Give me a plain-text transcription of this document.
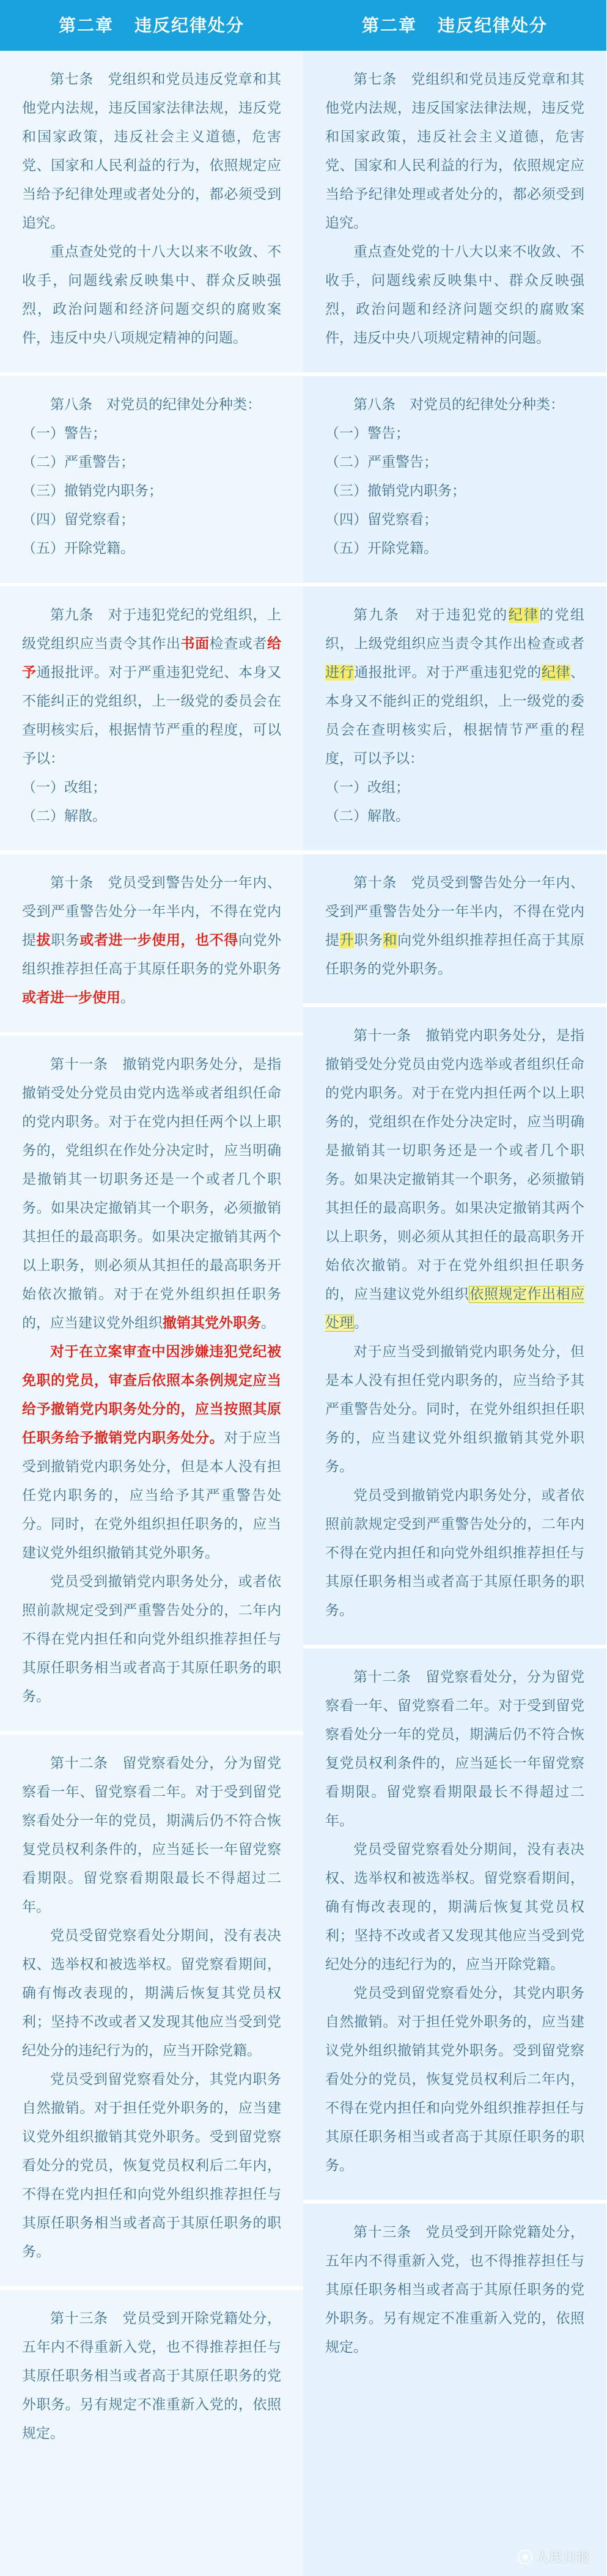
第二章 违反纪律处分

第七条　党组织和党员违反党章和其他党内法规，违反国家法律法规，违反党和国家政策，违反社会主义道德，危害党、国家和人民利益的行为，依照规定应当给予纪律处理或者处分的，都必须受到追究。

重点查处党的十八大以来不收敛、不收手，问题线索反映集中、群众反映强烈，政治问题和经济问题交织的腐败案件，违反中央八项规定精神的问题。

第八条　对党员的纪律处分种类：

（一）警告；

（二）严重警告；

（三）撤销党内职务；

（四）留党察看；

（五）开除党籍。

第九条　对于违犯党纪的党组织，上级党组织应当责令其作出书面检查或者给予通报批评。对于严重违犯党纪、本身又不能纠正的党组织，上一级党的委员会在查明核实后，根据情节严重的程度，可以予以：

（一）改组；

（二）解散。

第十条　党员受到警告处分一年内、受到严重警告处分一年半内，不得在党内提拔职务或者进一步使用，也不得向党外组织推荐担任高于其原任职务的党外职务或者进一步使用。

第十一条　撤销党内职务处分，是指撤销受处分党员由党内选举或者组织任命的党内职务。对于在党内担任两个以上职务的，党组织在作处分决定时，应当明确是撤销其一切职务还是一个或者几个职务。如果决定撤销其一个职务，必须撤销其担任的最高职务。如果决定撤销其两个以上职务，则必须从其担任的最高职务开始依次撤销。对于在党外组织担任职务的，应当建议党外组织撤销其党外职务。

对于在立案审查中因涉嫌违犯党纪被免职的党员，审查后依照本条例规定应当给予撤销党内职务处分的，应当按照其原任职务给予撤销党内职务处分。对于应当受到撤销党内职务处分，但是本人没有担任党内职务的，应当给予其严重警告处分。同时，在党外组织担任职务的，应当建议党外组织撤销其党外职务。

党员受到撤销党内职务处分，或者依照前款规定受到严重警告处分的，二年内不得在党内担任和向党外组织推荐担任与其原任职务相当或者高于其原任职务的职务。

第十二条　留党察看处分，分为留党察看一年、留党察看二年。对于受到留党察看处分一年的党员，期满后仍不符合恢复党员权利条件的，应当延长一年留党察看期限。留党察看期限最长不得超过二年。

党员受留党察看处分期间，没有表决权、选举权和被选举权。留党察看期间，确有悔改表现的，期满后恢复其党员权利；坚持不改或者又发现其他应当受到党纪处分的违纪行为的，应当开除党籍。

党员受到留党察看处分，其党内职务自然撤销。对于担任党外职务的，应当建议党外组织撤销其党外职务。受到留党察看处分的党员，恢复党员权利后二年内，不得在党内担任和向党外组织推荐担任与其原任职务相当或者高于其原任职务的职务。

第十三条　党员受到开除党籍处分，五年内不得重新入党，也不得推荐担任与其原任职务相当或者高于其原任职务的党外职务。另有规定不准重新入党的，依照规定。

第二章 违反纪律处分

第七条　党组织和党员违反党章和其他党内法规，违反国家法律法规，违反党和国家政策，违反社会主义道德，危害党、国家和人民利益的行为，依照规定应当给予纪律处理或者处分的，都必须受到追究。

重点查处党的十八大以来不收敛、不收手，问题线索反映集中、群众反映强烈，政治问题和经济问题交织的腐败案件，违反中央八项规定精神的问题。

第八条　对党员的纪律处分种类：

（一）警告；

（二）严重警告；

（三）撤销党内职务；

（四）留党察看；

（五）开除党籍。

第九条　对于违犯党的纪律的党组织，上级党组织应当责令其作出检查或者进行通报批评。对于严重违犯党的纪律、本身又不能纠正的党组织，上一级党的委员会在查明核实后，根据情节严重的程度，可以予以：

（一）改组；

（二）解散。

第十条　党员受到警告处分一年内、受到严重警告处分一年半内，不得在党内提升职务和向党外组织推荐担任高于其原任职务的党外职务。

第十一条　撤销党内职务处分，是指撤销受处分党员由党内选举或者组织任命的党内职务。对于在党内担任两个以上职务的，党组织在作处分决定时，应当明确是撤销其一切职务还是一个或者几个职务。如果决定撤销其一个职务，必须撤销其担任的最高职务。如果决定撤销其两个以上职务，则必须从其担任的最高职务开始依次撤销。对于在党外组织担任职务的，应当建议党外组织依照规定作出相应处理。

对于应当受到撤销党内职务处分，但是本人没有担任党内职务的，应当给予其严重警告处分。同时，在党外组织担任职务的，应当建议党外组织撤销其党外职务。

党员受到撤销党内职务处分，或者依照前款规定受到严重警告处分的，二年内不得在党内担任和向党外组织推荐担任与其原任职务相当或者高于其原任职务的职务。

第十二条　留党察看处分，分为留党察看一年、留党察看二年。对于受到留党察看处分一年的党员，期满后仍不符合恢复党员权利条件的，应当延长一年留党察看期限。留党察看期限最长不得超过二年。

党员受留党察看处分期间，没有表决权、选举权和被选举权。留党察看期间，确有悔改表现的，期满后恢复其党员权利；坚持不改或者又发现其他应当受到党纪处分的违纪行为的，应当开除党籍。

党员受到留党察看处分，其党内职务自然撤销。对于担任党外职务的，应当建议党外组织撤销其党外职务。受到留党察看处分的党员，恢复党员权利后二年内，不得在党内担任和向党外组织推荐担任与其原任职务相当或者高于其原任职务的职务。

第十三条　党员受到开除党籍处分，五年内不得重新入党，也不得推荐担任与其原任职务相当或者高于其原任职务的党外职务。另有规定不准重新入党的，依照规定。

人民日报
